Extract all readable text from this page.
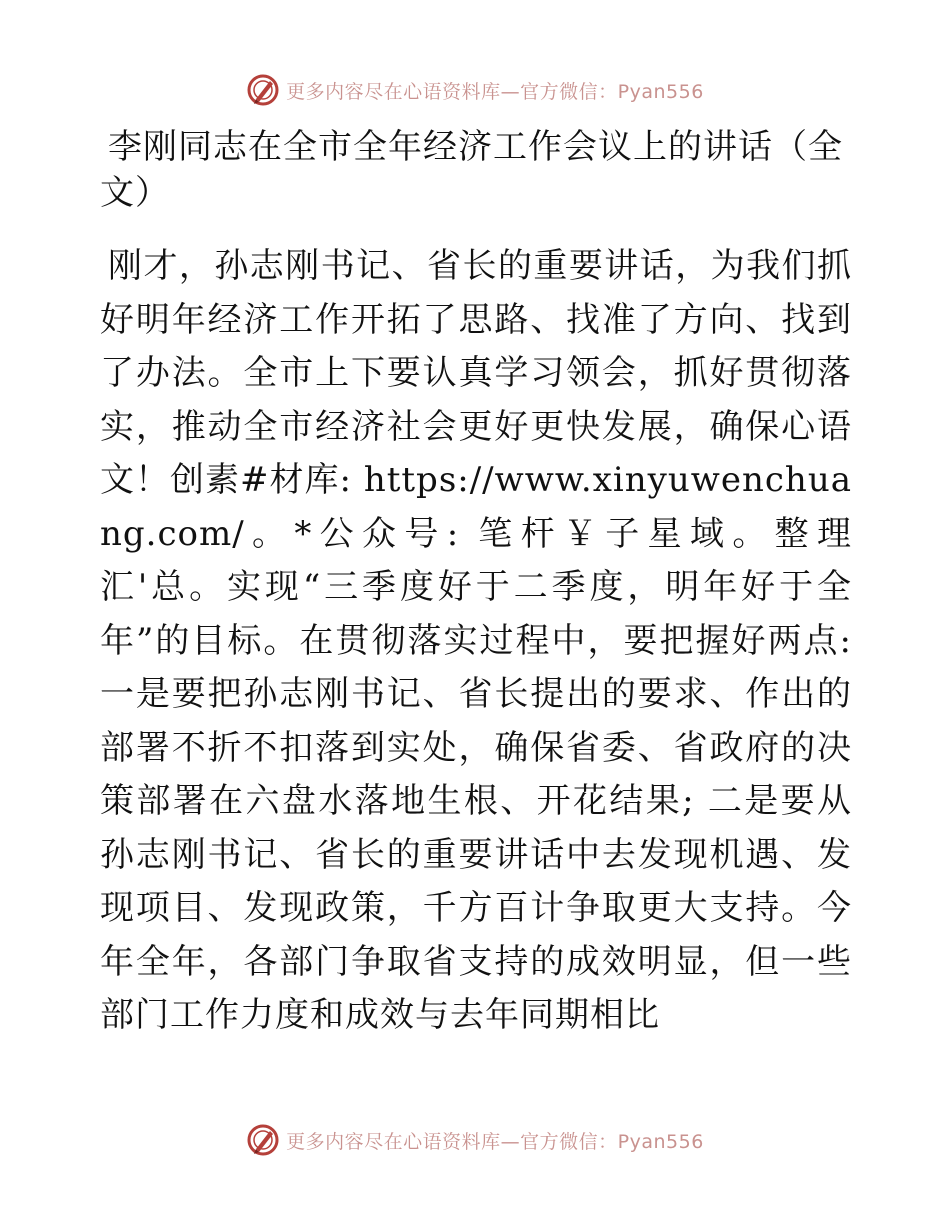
更多内容尽在心语资料库—官方微信：Pyan556
李刚同志在全市全年经济工作会议上的讲话（全文）

刚才，孙志刚书记、省长的重要讲话，为我们抓好明年经济工作开拓了思路、找准了方向、找到了办法。全市上下要认真学习领会，抓好贯彻落实，推动全市经济社会更好更快发展，确保心语文！创素#材库: https://www.xinyuwenchuang.com/。*公众号: 笔杆￥子星域。整理汇'总。实现“三季度好于二季度，明年好于全年”的目标。在贯彻落实过程中，要把握好两点: 一是要把孙志刚书记、省长提出的要求、作出的部署不折不扣落到实处，确保省委、省政府的决策部署在六盘水落地生根、开花结果; 二是要从孙志刚书记、省长的重要讲话中去发现机遇、发现项目、发现政策，千方百计争取更大支持。今年全年，各部门争取省支持的成效明显，但一些部门工作力度和成效与去年同期相比

更多内容尽在心语资料库—官方微信：Pyan556
